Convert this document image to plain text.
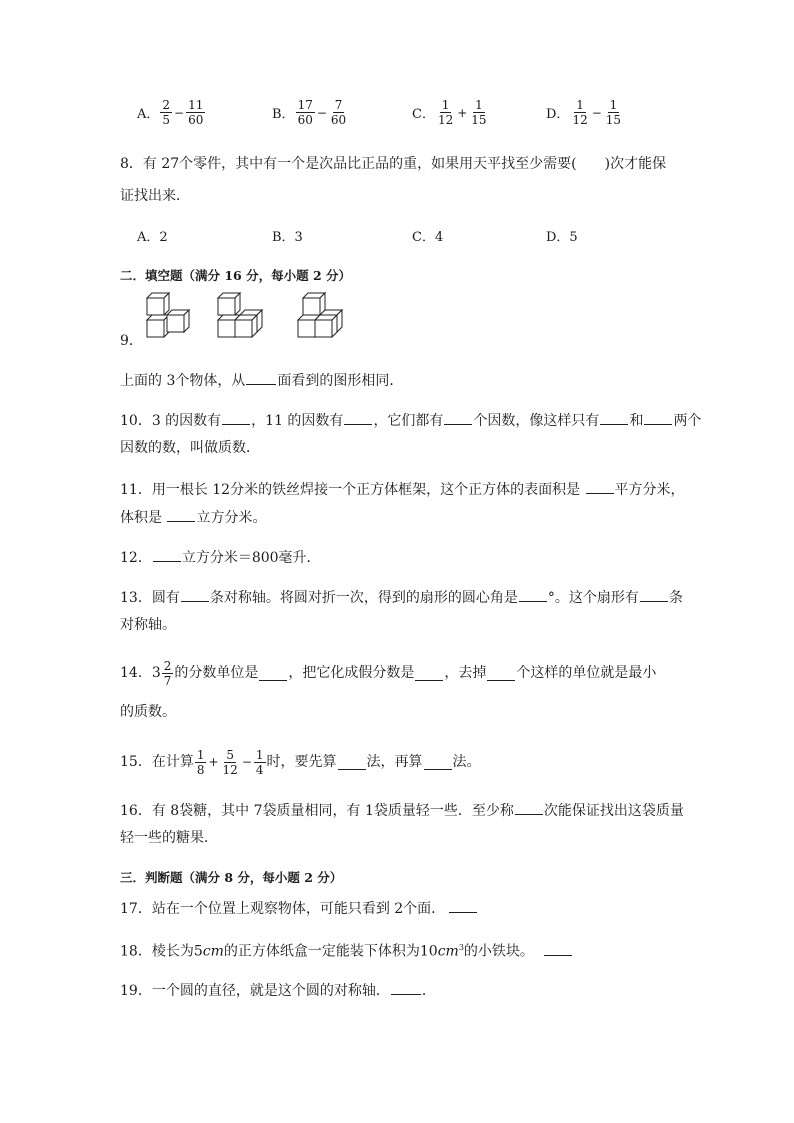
A． $\frac{2}{5} - \frac{11}{60}$	B． $\frac{17}{60} - \frac{7}{60}$	C． $\frac{1}{12} + \frac{1}{15}$	D． $\frac{1}{12} - \frac{1}{15}$
8．有 27个零件，其中有一个是次品比正品的重，如果用天平找至少需要(　　)次才能保
证找出来．
A．2	B．3	C．4	D．5
二．填空题（满分 16 分，每小题 2 分）
9．
上面的 3个物体，从 面看到的图形相同．
10．3 的因数有 ，11 的因数有 ，它们都有 个因数，像这样只有 和 两个
因数的数，叫做质数．
11．用一根长 12分米的铁丝焊接一个正方体框架，这个正方体的表面积是 平方分米，
体积是 立方分米。
12． 立方分米＝800毫升．
13．圆有 条对称轴。将圆对折一次，得到的扇形的圆心角是 °。这个扇形有 条
对称轴。
14． $3 \frac{2}{7}$ 的分数单位是 ，把它化成假分数是 ，去掉 个这样的单位就是最小
的质数。
15．在计算 $\frac{1}{8} + \frac{5}{12} - \frac{1}{4}$ 时，要先算 法，再算 法。
16．有 8袋糖，其中 7袋质量相同，有 1袋质量轻一些．至少称 次能保证找出这袋质量
轻一些的糖果．
三．判断题（满分 8 分，每小题 2 分）
17．站在一个位置上观察物体，可能只看到 2个面．
18．棱长为5cm的正方体纸盒一定能装下体积为$10cm^3$的小铁块。
19．一个圆的直径，就是这个圆的对称轴． ．
